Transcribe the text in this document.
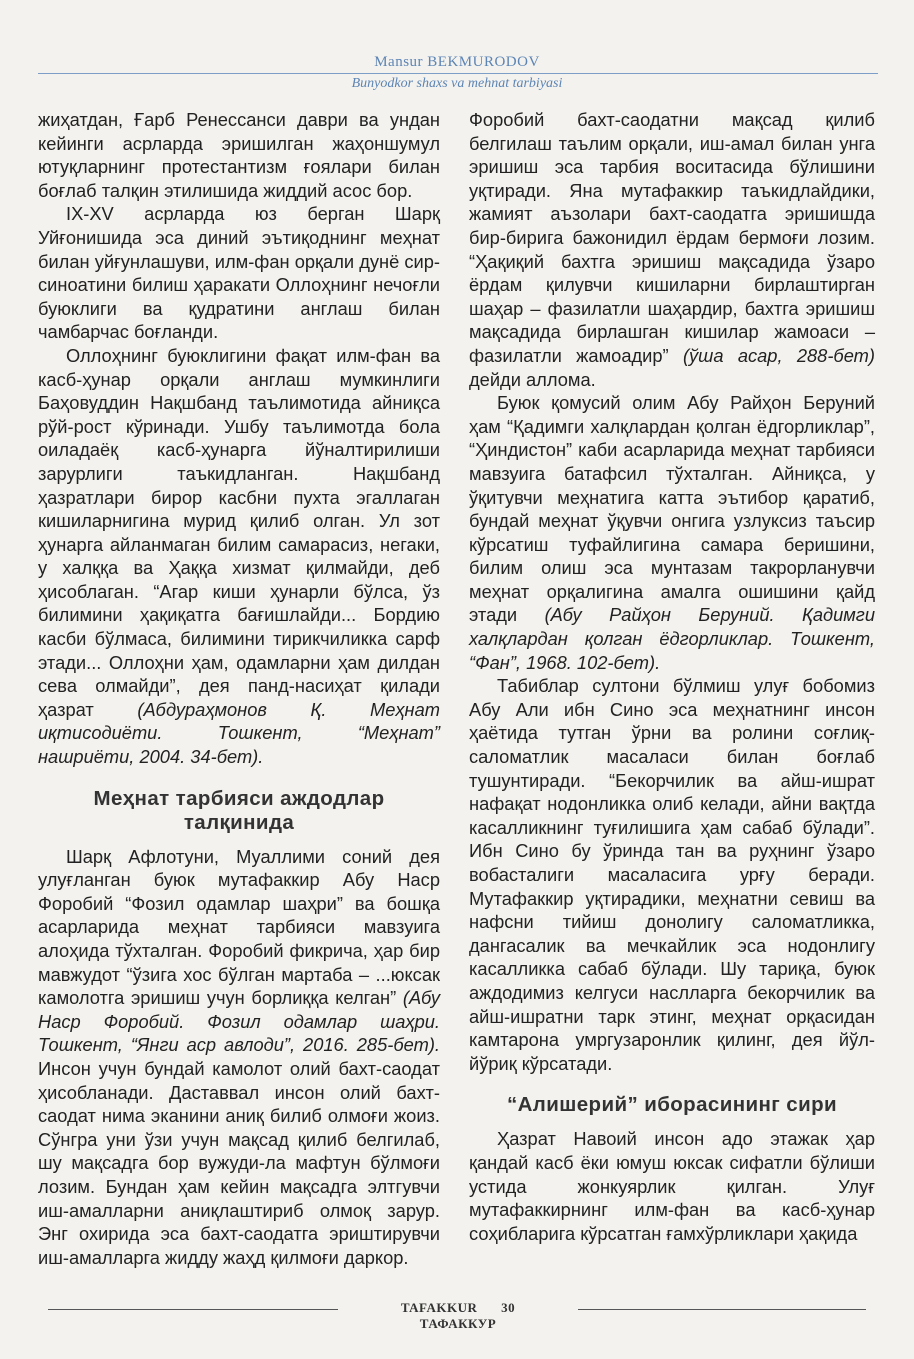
Mansur BEKMURODOV
Bunyodkor shaxs va mehnat tarbiyasi

жиҳатдан, Ғарб Ренессанси даври ва ундан кейинги асрларда эришилган жаҳоншумул ютуқларнинг протестантизм ғоялари билан боғлаб талқин этилишида жиддий асос бор.

IX-XV асрларда юз берган Шарқ Уйғонишида эса диний эътиқоднинг меҳнат билан уйғунлашуви, илм-фан орқали дунё сир-синоатини билиш ҳаракати Оллоҳнинг нечоғли буюклиги ва қудратини англаш билан чамбарчас боғланди.

Оллоҳнинг буюклигини фақат илм-фан ва касб-ҳунар орқали англаш мумкинлиги Баҳовуддин Нақшбанд таълимотида айниқса рўй-рост кўринади. Ушбу таълимотда бола оиладаёқ касб-ҳунарга йўналтирилиши зарурлиги таъкидланган. Нақшбанд ҳазратлари бирор касбни пухта эгаллаган кишиларнигина мурид қилиб олган. Ул зот ҳунарга айланмаган билим самарасиз, негаки, у халққа ва Ҳаққа хизмат қилмайди, деб ҳисоблаган. “Агар киши ҳунарли бўлса, ўз билимини ҳақиқатга бағишлайди... Бордию касби бўлмаса, билимини тирикчиликка сарф этади... Оллоҳни ҳам, одамларни ҳам дилдан сева олмайди”, дея панд-насиҳат қилади ҳазрат (Абдураҳмонов Қ. Меҳнат иқтисодиёти. Тошкент, “Меҳнат” нашриёти, 2004. 34-бет).

Меҳнат тарбияси аждодлар талқинида

Шарқ Афлотуни, Муаллими соний дея улуғланган буюк мутафаккир Абу Наср Форобий “Фозил одамлар шаҳри” ва бошқа асарларида меҳнат тарбияси мавзуига алоҳида тўхталган. Форобий фикрича, ҳар бир мавжудот “ўзига хос бўлган мартаба – ...юксак камолотга эришиш учун борлиққа келган” (Абу Наср Форобий. Фозил одамлар шаҳри. Тошкент, “Янги аср авлоди”, 2016. 285-бет). Инсон учун бундай камолот олий бахт-саодат ҳисобланади. Даставвал инсон олий бахт-саодат нима эканини аниқ билиб олмоғи жоиз. Сўнгра уни ўзи учун мақсад қилиб белгилаб, шу мақсадга бор вужуди-ла мафтун бўлмоғи лозим. Бундан ҳам кейин мақсадга элтгувчи иш-амалларни аниқлаштириб олмоқ зарур. Энг охирида эса бахт-саодатга эриштирувчи иш-амалларга жидду жаҳд қилмоғи даркор.

Форобий бахт-саодатни мақсад қилиб белгилаш таълим орқали, иш-амал билан унга эришиш эса тарбия воситасида бўлишини уқтиради. Яна мутафаккир таъкидлайдики, жамият аъзолари бахт-саодатга эришишда бир-бирига бажонидил ёрдам бермоғи лозим. “Ҳақиқий бахтга эришиш мақсадида ўзаро ёрдам қилувчи кишиларни бирлаштирган шаҳар – фазилатли шаҳардир, бахтга эришиш мақсадида бирлашган кишилар жамоаси – фазилатли жамоадир” (ўша асар, 288-бет) дейди аллома.

Буюк қомусий олим Абу Райҳон Беруний ҳам “Қадимги халқлардан қолган ёдгорликлар”, “Ҳиндистон” каби асарларида меҳнат тарбияси мавзуига батафсил тўхталган. Айниқса, у ўқитувчи меҳнатига катта эътибор қаратиб, бундай меҳнат ўқувчи онгига узлуксиз таъсир кўрсатиш туфайлигина самара беришини, билим олиш эса мунтазам такрорланувчи меҳнат орқалигина амалга ошишини қайд этади (Абу Райҳон Беруний. Қадимги халқлардан қолган ёдгорликлар. Тошкент, “Фан”, 1968. 102-бет).

Табиблар султони бўлмиш улуғ бобомиз Абу Али ибн Сино эса меҳнатнинг инсон ҳаётида тутган ўрни ва ролини соғлиқ-саломатлик масаласи билан боғлаб тушунтиради. “Бекорчилик ва айш-ишрат нафақат нодонликка олиб келади, айни вақтда касалликнинг туғилишига ҳам сабаб бўлади”. Ибн Сино бу ўринда тан ва руҳнинг ўзаро вобасталиги масаласига урғу беради. Мутафаккир уқтирадики, меҳнатни севиш ва нафсни тийиш донолигу саломатликка, дангасалик ва мечкайлик эса нодонлигу касалликка сабаб бўлади. Шу тариқа, буюк аждодимиз келгуси наслларга бекорчилик ва айш-ишратни тарк этинг, меҳнат орқасидан камтарона умргузаронлик қилинг, дея йўл-йўриқ кўрсатади.

“Алишерий” иборасининг сири

Ҳазрат Навоий инсон адо этажак ҳар қандай касб ёки юмуш юксак сифатли бўлиши устида жонкуярлик қилган. Улуғ мутафаккирнинг илм-фан ва касб-ҳунар соҳибларига кўрсатган ғамхўрликлари ҳақида

TAFAKKUR 30 ТАФАККУР
